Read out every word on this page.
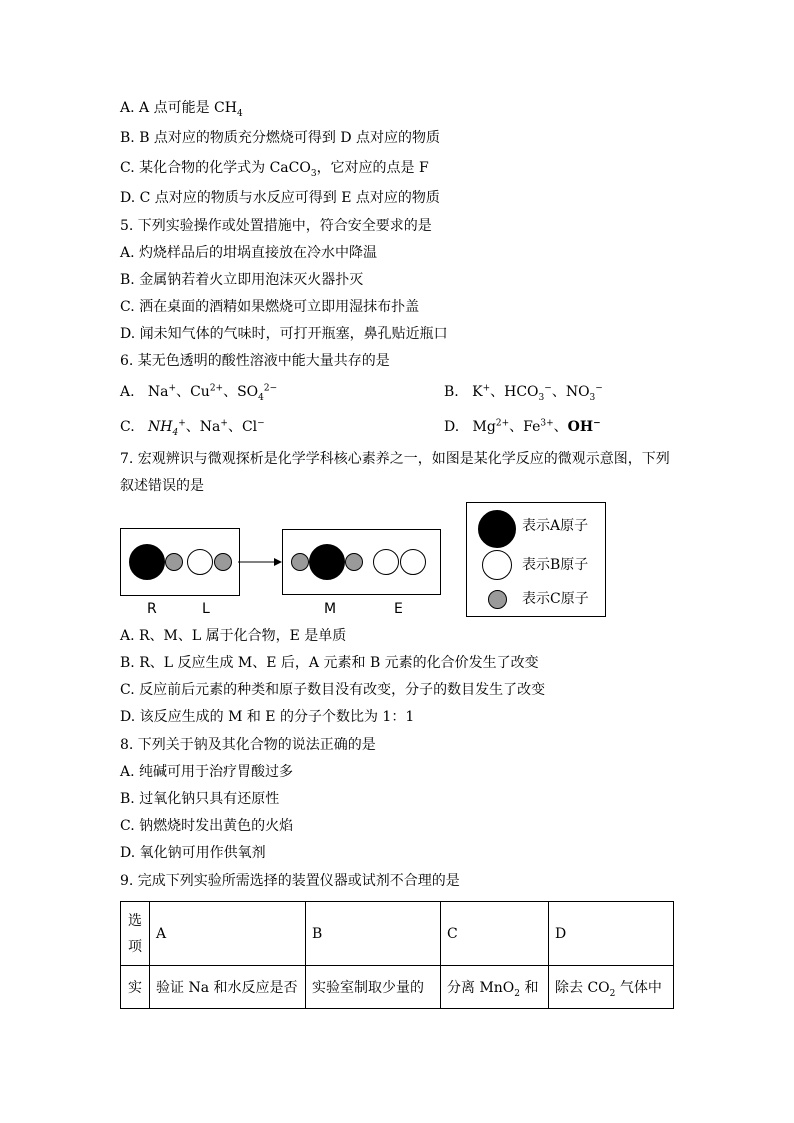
A. A 点可能是 $CH_4$
B. B 点对应的物质充分燃烧可得到 D 点对应的物质
C. 某化合物的化学式为 CaCO$_3$，它对应的点是 F
D. C 点对应的物质与水反应可得到 E 点对应的物质
5. 下列实验操作或处置措施中，符合安全要求的是
A. 灼烧样品后的坩埚直接放在冷水中降温
B. 金属钠若着火立即用泡沫灭火器扑灭
C. 洒在桌面的酒精如果燃烧可立即用湿抹布扑盖
D. 闻未知气体的气味时，可打开瓶塞，鼻孔贴近瓶口
6. 某无色透明的酸性溶液中能大量共存的是
A. Na+、$Cu^{2+}$、$SO_4^{2-}$	B. K+、$HCO_3^-$、$NO_3^-$
C. $NH_4^+$、Na+、Cl−	D. $Mg^{2+}$、$Fe^{3+}$、OH−
7. 宏观辨识与微观探析是化学学科核心素养之一，如图是某化学反应的微观示意图，下列
叙述错误的是
R	L	M	E
表示A原子
表示B原子
表示C原子
A. R、M、L 属于化合物，E 是单质
B. R、L 反应生成 M、E 后，A 元素和 B 元素的化合价发生了改变
C. 反应前后元素的种类和原子数目没有改变，分子的数目发生了改变
D. 该反应生成的 M 和 E 的分子个数比为 1：1
8. 下列关于钠及其化合物的说法正确的是
A. 纯碱可用于治疗胃酸过多
B. 过氧化钠只具有还原性
C. 钠燃烧时发出黄色的火焰
D. 氧化钠可用作供氧剂
9. 完成下列实验所需选择的装置仪器或试剂不合理的是
选项	A	B	C	D
实	验证 Na 和水反应是否	实验室制取少量的	分离 MnO$_2$ 和	除去 $CO_2$ 气体中
